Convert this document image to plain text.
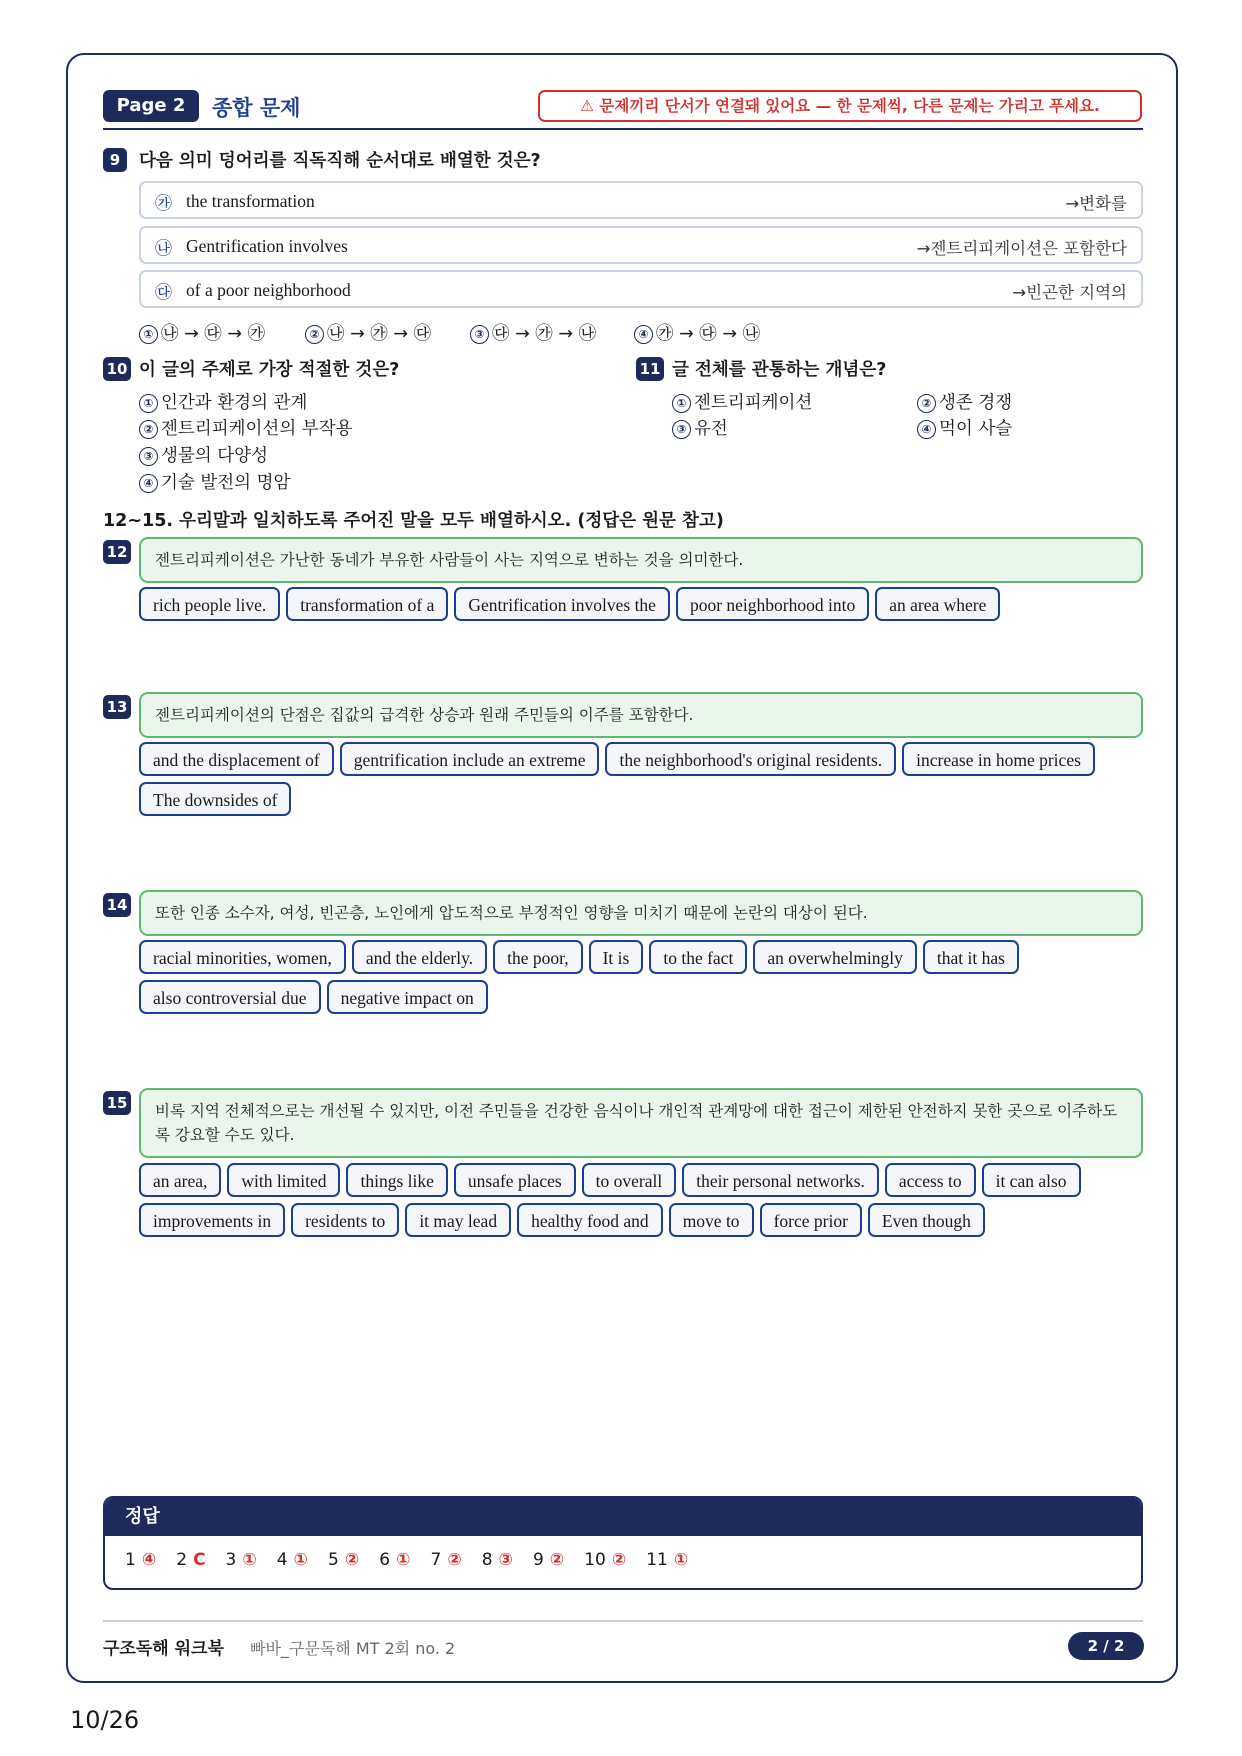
Page 2	종합 문제	⚠ 문제끼리 단서가 연결돼 있어요 — 한 문제씩, 다른 문제는 가리고 푸세요.
9	다음 의미 덩어리를 직독직해 순서대로 배열한 것은?
㉮ the transformation	→변화를
㉯ Gentrification involves	→젠트리피케이션은 포함한다
㉰ of a poor neighborhood	→빈곤한 지역의
① ㉯ → ㉰ → ㉮	② ㉯ → ㉮ → ㉰	③ ㉰ → ㉮ → ㉯	④ ㉮ → ㉰ → ㉯
10 이 글의 주제로 가장 적절한 것은?
① 인간과 환경의 관계
② 젠트리피케이션의 부작용
③ 생물의 다양성
④ 기술 발전의 명암
11 글 전체를 관통하는 개념은?
① 젠트리피케이션	② 생존 경쟁
③ 유전	④ 먹이 사슬
12~15. 우리말과 일치하도록 주어진 말을 모두 배열하시오. (정답은 원문 참고)
12	젠트리피케이션은 가난한 동네가 부유한 사람들이 사는 지역으로 변하는 것을 의미한다.
rich people live.	transformation of a	Gentrification involves the	poor neighborhood into	an area where
13	젠트리피케이션의 단점은 집값의 급격한 상승과 원래 주민들의 이주를 포함한다.
and the displacement of	gentrification include an extreme	the neighborhood's original residents.	increase in home prices
The downsides of
14	또한 인종 소수자, 여성, 빈곤층, 노인에게 압도적으로 부정적인 영향을 미치기 때문에 논란의 대상이 된다.
racial minorities, women,	and the elderly.	the poor,	It is	to the fact	an overwhelmingly	that it has
also controversial due	negative impact on
15	비록 지역 전체적으로는 개선될 수 있지만, 이전 주민들을 건강한 음식이나 개인적 관계망에 대한 접근이 제한된 안전하지 못한 곳으로 이주하도록 강요할 수도 있다.
an area,	with limited	things like	unsafe places	to overall	their personal networks.	access to	it can also
improvements in	residents to	it may lead	healthy food and	move to	force prior	Even though
정답
1 ④ 2 C 3 ① 4 ① 5 ② 6 ① 7 ② 8 ③ 9 ② 10 ② 11 ①
구조독해 워크북 빠바_구문독해 MT 2회 no. 2	2 / 2
10/26
